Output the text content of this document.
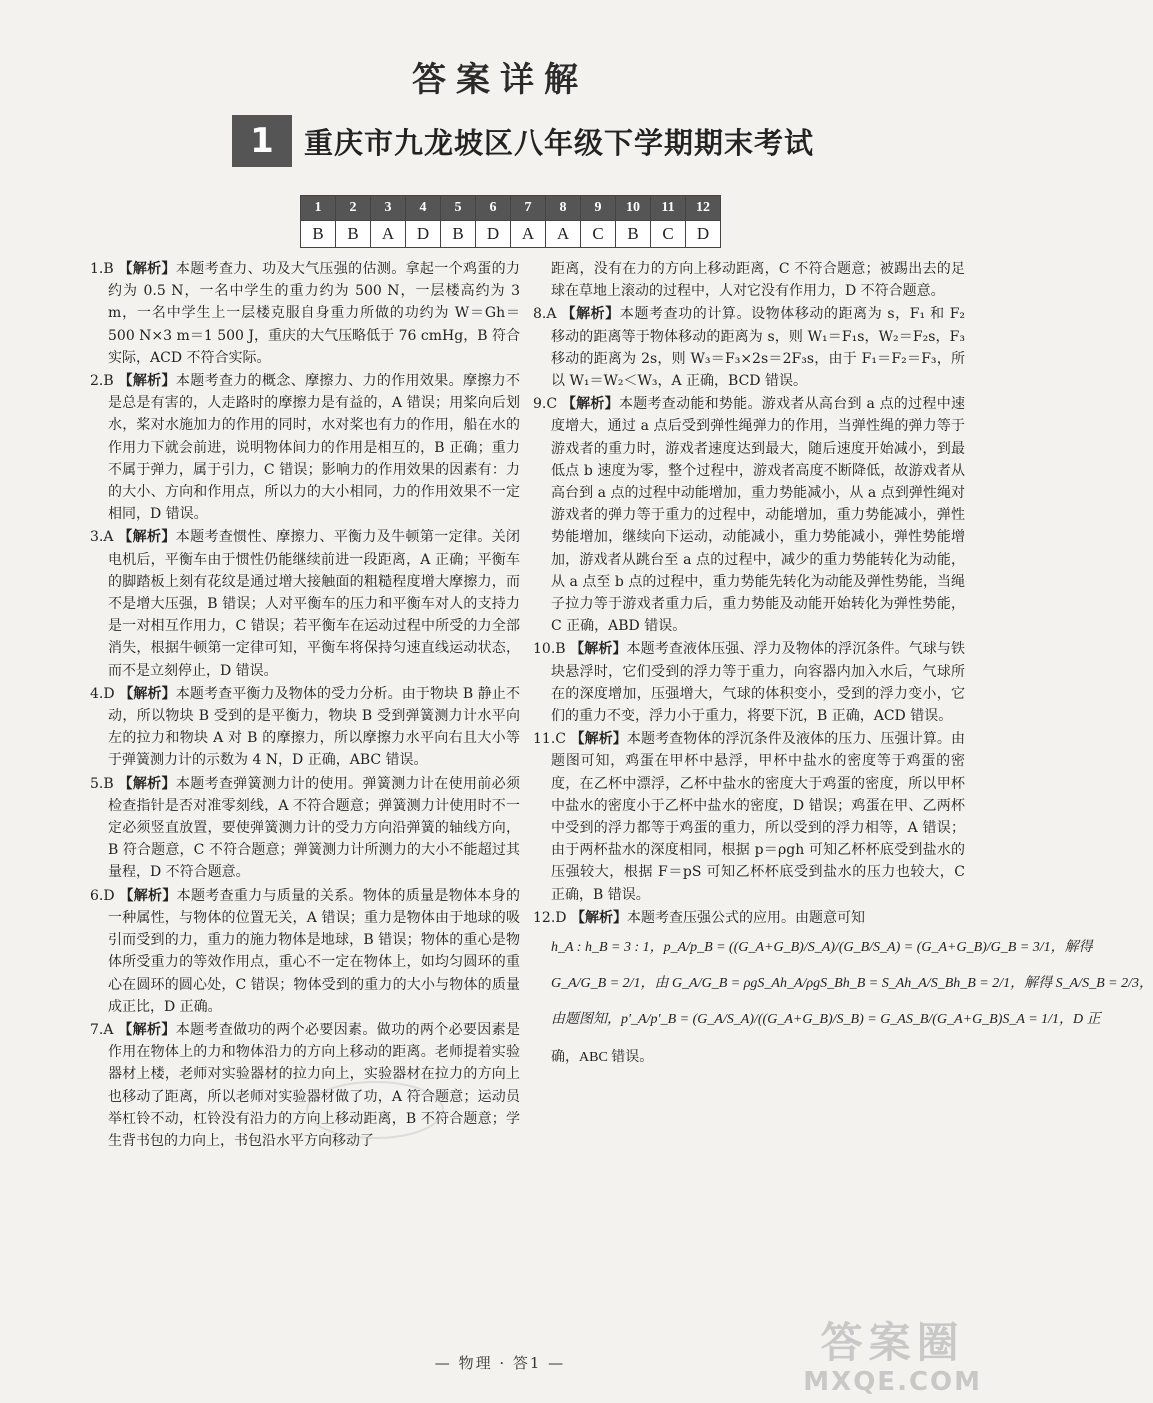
答案详解
1	重庆市九龙坡区八年级下学期期末考试
1	2	3	4	5	6	7	8	9	10	11	12
B	B	A	D	B	D	A	A	C	B	C	D

1.B 【解析】本题考查力、功及大气压强的估测。拿起一个鸡蛋的力约为 0.5 N，一名中学生的重力约为 500 N，一层楼高约为 3 m，一名中学生上一层楼克服自身重力所做的功约为 W＝Gh＝500 N×3 m＝1 500 J，重庆的大气压略低于 76 cmHg，B 符合实际，ACD 不符合实际。

2.B 【解析】本题考查力的概念、摩擦力、力的作用效果。摩擦力不是总是有害的，人走路时的摩擦力是有益的，A 错误；用桨向后划水，桨对水施加力的作用的同时，水对桨也有力的作用，船在水的作用力下就会前进，说明物体间力的作用是相互的，B 正确；重力不属于弹力，属于引力，C 错误；影响力的作用效果的因素有：力的大小、方向和作用点，所以力的大小相同，力的作用效果不一定相同，D 错误。

3.A 【解析】本题考查惯性、摩擦力、平衡力及牛顿第一定律。关闭电机后，平衡车由于惯性仍能继续前进一段距离，A 正确；平衡车的脚踏板上刻有花纹是通过增大接触面的粗糙程度增大摩擦力，而不是增大压强，B 错误；人对平衡车的压力和平衡车对人的支持力是一对相互作用力，C 错误；若平衡车在运动过程中所受的力全部消失，根据牛顿第一定律可知，平衡车将保持匀速直线运动状态，而不是立刻停止，D 错误。

4.D 【解析】本题考查平衡力及物体的受力分析。由于物块 B 静止不动，所以物块 B 受到的是平衡力，物块 B 受到弹簧测力计水平向左的拉力和物块 A 对 B 的摩擦力，所以摩擦力水平向右且大小等于弹簧测力计的示数为 4 N，D 正确，ABC 错误。

5.B 【解析】本题考查弹簧测力计的使用。弹簧测力计在使用前必须检查指针是否对准零刻线，A 不符合题意；弹簧测力计使用时不一定必须竖直放置，要使弹簧测力计的受力方向沿弹簧的轴线方向，B 符合题意，C 不符合题意；弹簧测力计所测力的大小不能超过其量程，D 不符合题意。

6.D 【解析】本题考查重力与质量的关系。物体的质量是物体本身的一种属性，与物体的位置无关，A 错误；重力是物体由于地球的吸引而受到的力，重力的施力物体是地球，B 错误；物体的重心是物体所受重力的等效作用点，重心不一定在物体上，如均匀圆环的重心在圆环的圆心处，C 错误；物体受到的重力的大小与物体的质量成正比，D 正确。

7.A 【解析】本题考查做功的两个必要因素。做功的两个必要因素是作用在物体上的力和物体沿力的方向上移动的距离。老师提着实验器材上楼，老师对实验器材的拉力向上，实验器材在拉力的方向上也移动了距离，所以老师对实验器材做了功，A 符合题意；运动员举杠铃不动，杠铃没有沿力的方向上移动距离，B 不符合题意；学生背书包的力向上，书包沿水平方向移动了

距离，没有在力的方向上移动距离，C 不符合题意；被踢出去的足球在草地上滚动的过程中，人对它没有作用力，D 不符合题意。

8.A 【解析】本题考查功的计算。设物体移动的距离为 s，F₁ 和 F₂ 移动的距离等于物体移动的距离为 s，则 W₁＝F₁s，W₂＝F₂s，F₃ 移动的距离为 2s，则 W₃＝F₃×2s＝2F₃s，由于 F₁＝F₂＝F₃，所以 W₁＝W₂＜W₃，A 正确，BCD 错误。

9.C 【解析】本题考查动能和势能。游戏者从高台到 a 点的过程中速度增大，通过 a 点后受到弹性绳弹力的作用，当弹性绳的弹力等于游戏者的重力时，游戏者速度达到最大，随后速度开始减小，到最低点 b 速度为零，整个过程中，游戏者高度不断降低，故游戏者从高台到 a 点的过程中动能增加，重力势能减小，从 a 点到弹性绳对游戏者的弹力等于重力的过程中，动能增加，重力势能减小，弹性势能增加，继续向下运动，动能减小，重力势能减小，弹性势能增加，游戏者从跳台至 a 点的过程中，减少的重力势能转化为动能，从 a 点至 b 点的过程中，重力势能先转化为动能及弹性势能，当绳子拉力等于游戏者重力后，重力势能及动能开始转化为弹性势能，C 正确，ABD 错误。

10.B 【解析】本题考查液体压强、浮力及物体的浮沉条件。气球与铁块悬浮时，它们受到的浮力等于重力，向容器内加入水后，气球所在的深度增加，压强增大，气球的体积变小，受到的浮力变小，它们的重力不变，浮力小于重力，将要下沉，B 正确，ACD 错误。

11.C 【解析】本题考查物体的浮沉条件及液体的压力、压强计算。由题图可知，鸡蛋在甲杯中悬浮，甲杯中盐水的密度等于鸡蛋的密度，在乙杯中漂浮，乙杯中盐水的密度大于鸡蛋的密度，所以甲杯中盐水的密度小于乙杯中盐水的密度，D 错误；鸡蛋在甲、乙两杯中受到的浮力都等于鸡蛋的重力，所以受到的浮力相等，A 错误；由于两杯盐水的深度相同，根据 p＝ρgh 可知乙杯杯底受到盐水的压强较大，根据 F＝pS 可知乙杯杯底受到盐水的压力也较大，C 正确，B 错误。

12.D 【解析】本题考查压强公式的应用。由题意可知

h_A : h_B = 3 : 1，p_A/p_B = ((G_A+G_B)/S_A)/(G_B/S_A) = (G_A+G_B)/G_B = 3/1，解得
G_A/G_B = 2/1，由 G_A/G_B = ρgS_Ah_A/ρgS_Bh_B = S_Ah_A/S_Bh_B = 2/1，解得 S_A/S_B = 2/3，
由题图知，p′_A/p′_B = (G_A/S_A)/((G_A+G_B)/S_B) = G_AS_B/(G_A+G_B)S_A = 1/1，D 正
确，ABC 错误。
— 物理 · 答1 —	答案圈
MXQE.COM
